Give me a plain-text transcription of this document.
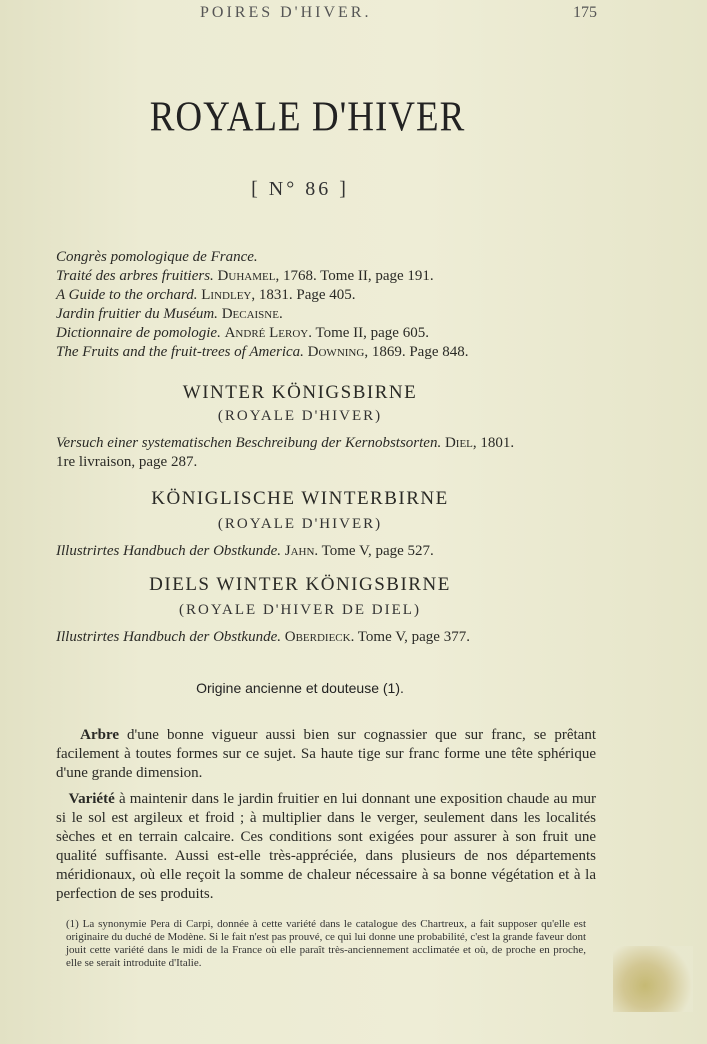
POIRES D'HIVER.	175
ROYALE D'HIVER
[ N° 86 ]
Congrès pomologique de France.
Traité des arbres fruitiers. Duhamel, 1768. Tome II, page 191.
A Guide to the orchard. Lindley, 1831. Page 405.
Jardin fruitier du Muséum. Decaisne.
Dictionnaire de pomologie. André Leroy. Tome II, page 605.
The Fruits and the fruit-trees of America. Downing, 1869. Page 848.
WINTER KÖNIGSBIRNE
(ROYALE D'HIVER)
Versuch einer systematischen Beschreibung der Kernobstsorten. Diel, 1801.
1re livraison, page 287.
KÖNIGLISCHE WINTERBIRNE
(ROYALE D'HIVER)
Illustrirtes Handbuch der Obstkunde. Jahn. Tome V, page 527.
DIELS WINTER KÖNIGSBIRNE
(ROYALE D'HIVER DE DIEL)
Illustrirtes Handbuch der Obstkunde. Oberdieck. Tome V, page 377.
Origine ancienne et douteuse (1).
Arbre d'une bonne vigueur aussi bien sur cognassier que sur franc, se prêtant facilement à toutes formes sur ce sujet. Sa haute tige sur franc forme une tête sphérique d'une grande dimension.
Variété à maintenir dans le jardin fruitier en lui donnant une exposition chaude au mur si le sol est argileux et froid ; à multiplier dans le verger, seulement dans les localités sèches et en terrain calcaire. Ces conditions sont exigées pour assurer à son fruit une qualité suffisante. Aussi est-elle très-appréciée, dans plusieurs de nos départements méridionaux, où elle reçoit la somme de chaleur nécessaire à sa bonne végétation et à la perfection de ses produits.
(1) La synonymie Pera di Carpi, donnée à cette variété dans le catalogue des Chartreux, a fait supposer qu'elle est originaire du duché de Modène. Si le fait n'est pas prouvé, ce qui lui donne une probabilité, c'est la grande faveur dont jouit cette variété dans le midi de la France où elle paraît très-anciennement acclimatée et où, de proche en proche, elle se serait introduite d'Italie.
